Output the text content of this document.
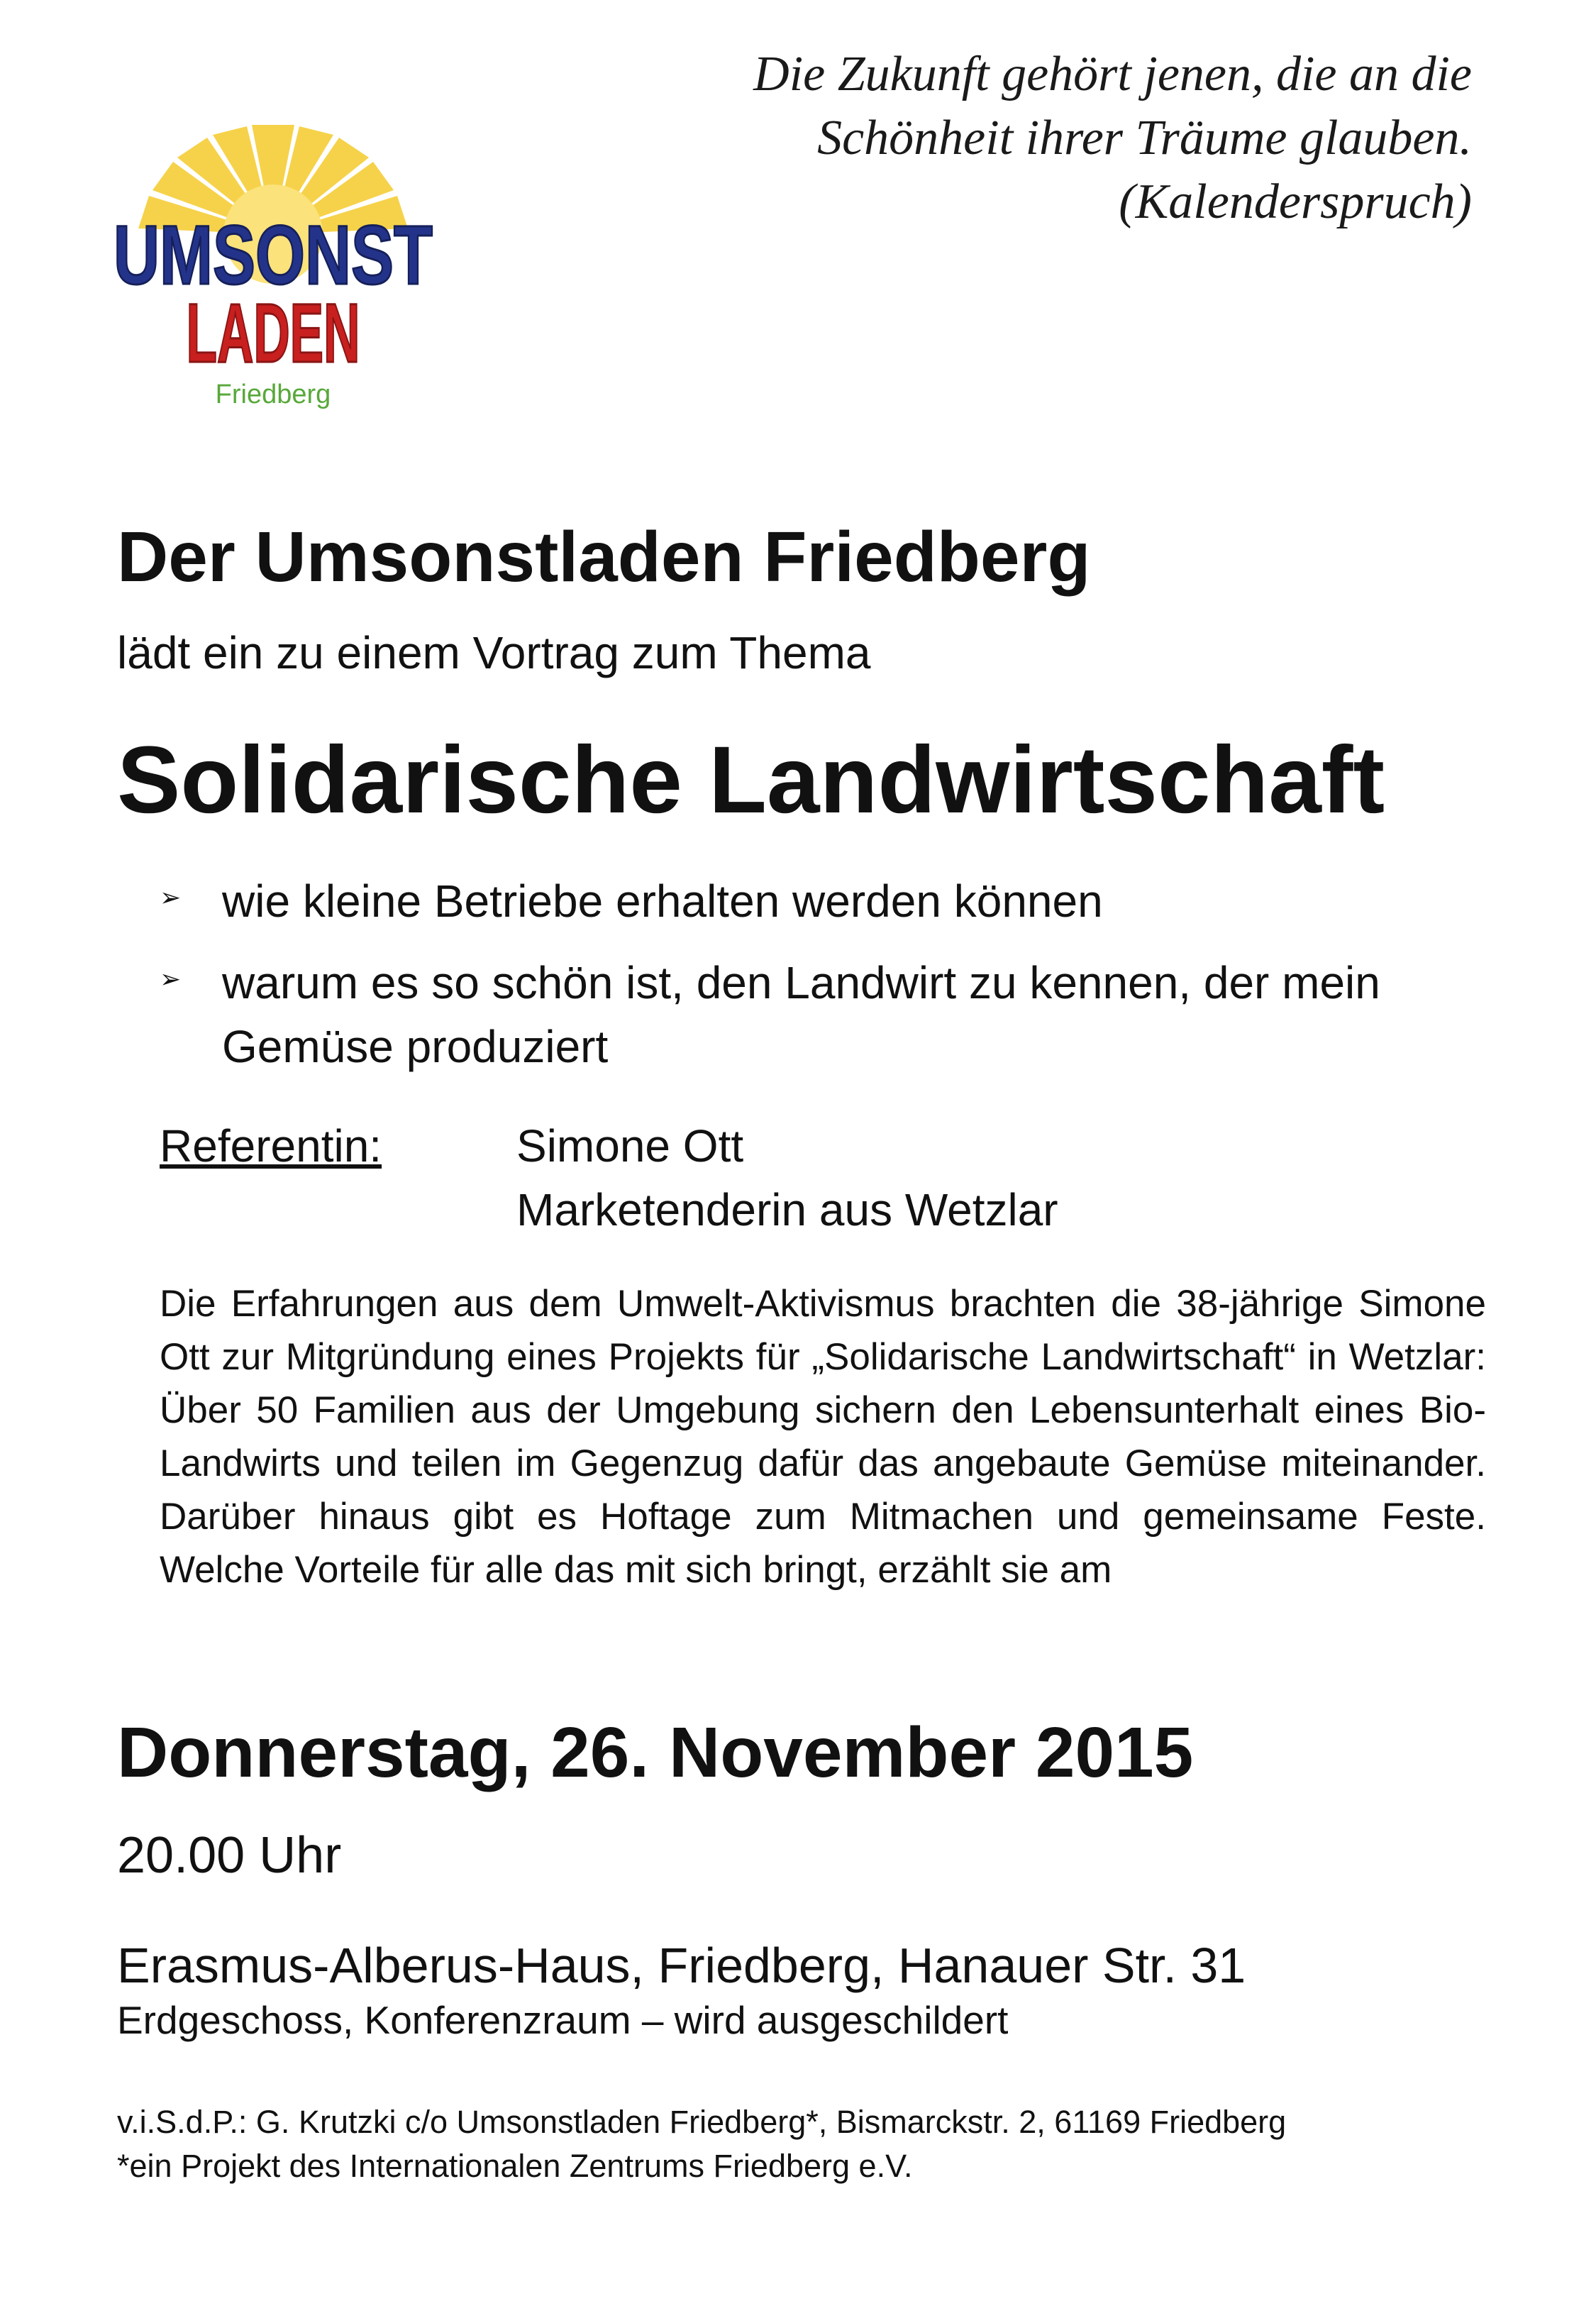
UMSONST
LADEN
Friedberg
Die Zukunft gehört jenen, die an die
Schönheit ihrer Träume glauben.
(Kalenderspruch)
Der Umsonstladen Friedberg
lädt ein zu einem Vortrag zum Thema
Solidarische Landwirtschaft
➢ wie kleine Betriebe erhalten werden können
➢ warum es so schön ist, den Landwirt zu kennen, der mein Gemüse produziert
Referentin:	Simone Ott
Marketenderin aus Wetzlar
Die Erfahrungen aus dem Umwelt-Aktivismus brachten die 38-jährige Simone Ott zur Mitgründung eines Projekts für „Solidarische Landwirtschaft“ in Wetzlar: Über 50 Familien aus der Umgebung sichern den Lebensunterhalt eines Bio-Landwirts und teilen im Gegenzug dafür das angebaute Gemüse miteinander. Darüber hinaus gibt es Hoftage zum Mitmachen und gemeinsame Feste. Welche Vorteile für alle das mit sich bringt, erzählt sie am
Donnerstag, 26. November 2015
20.00 Uhr
Erasmus-Alberus-Haus, Friedberg, Hanauer Str. 31
Erdgeschoss, Konferenzraum – wird ausgeschildert
v.i.S.d.P.: G. Krutzki c/o Umsonstladen Friedberg*, Bismarckstr. 2, 61169 Friedberg
*ein Projekt des Internationalen Zentrums Friedberg e.V.
